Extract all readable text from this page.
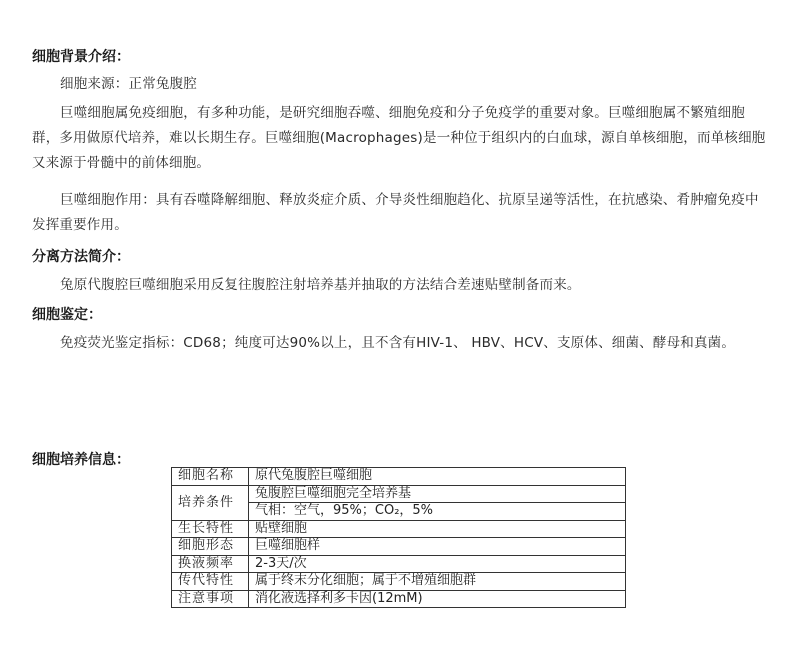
细胞背景介绍：
细胞来源：正常兔腹腔
巨噬细胞属免疫细胞，有多种功能，是研究细胞吞噬、细胞免疫和分子免疫学的重要对象。巨噬细胞属不繁殖细胞群，多用做原代培养，难以长期生存。巨噬细胞(Macrophages)是一种位于组织内的白血球，源自单核细胞，而单核细胞又来源于骨髓中的前体细胞。
巨噬细胞作用：具有吞噬降解细胞、释放炎症介质、介导炎性细胞趋化、抗原呈递等活性，在抗感染、肴肿瘤免疫中发挥重要作用。
分离方法简介：
兔原代腹腔巨噬细胞采用反复往腹腔注射培养基并抽取的方法结合差速贴壁制备而来。
细胞鉴定：
免疫荧光鉴定指标：CD68；纯度可达90%以上，且不含有HIV-1、 HBV、HCV、支原体、细菌、酵母和真菌。
细胞培养信息：
细胞名称	原代兔腹腔巨噬细胞
培养条件	兔腹腔巨噬细胞完全培养基
	气相：空气，95%；CO₂，5%
生长特性	贴壁细胞
细胞形态	巨噬细胞样
换液频率	2-3天/次
传代特性	属于终末分化细胞；属于不增殖细胞群
注意事项	消化液选择利多卡因(12mM)
